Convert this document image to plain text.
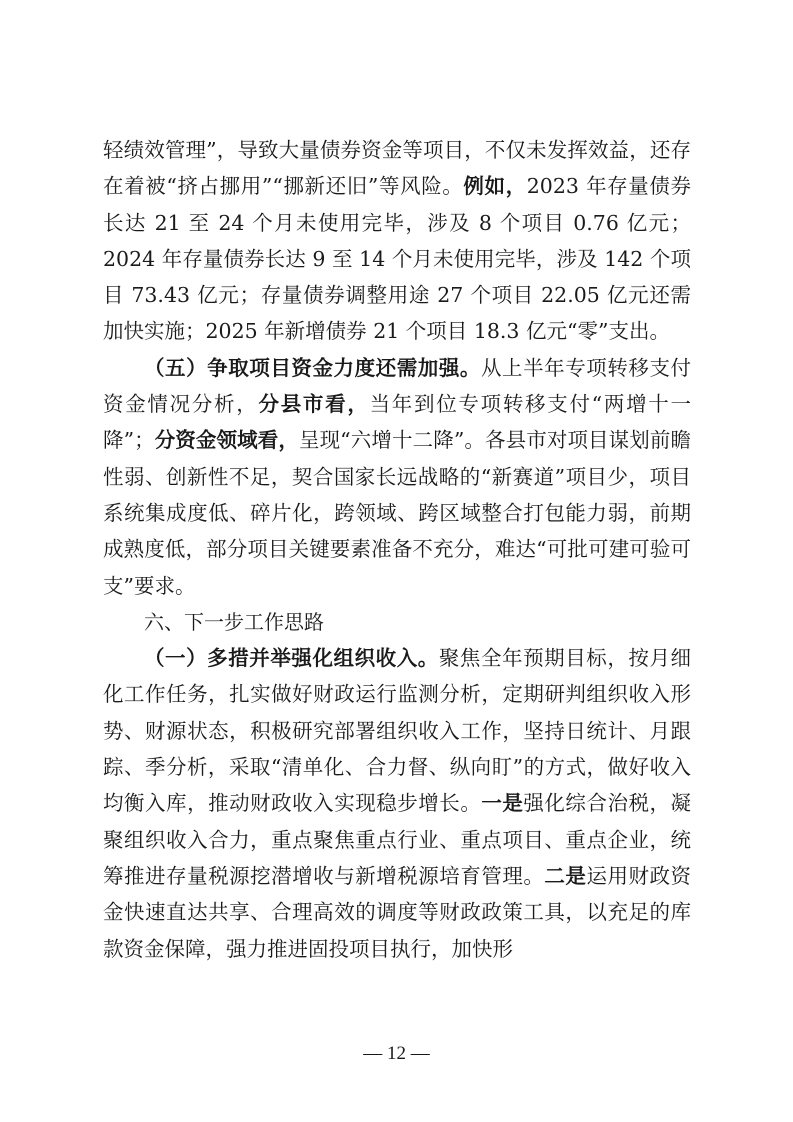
轻绩效管理”，导致大量债券资金等项目，不仅未发挥效益，还存在着被“挤占挪用”“挪新还旧”等风险。例如，2023 年存量债券长达 21 至 24 个月未使用完毕，涉及 8 个项目 0.76 亿元；2024 年存量债券长达 9 至 14 个月未使用完毕，涉及 142 个项目 73.43 亿元；存量债券调整用途 27 个项目 22.05 亿元还需加快实施；2025 年新增债券 21 个项目 18.3 亿元“零”支出。

（五）争取项目资金力度还需加强。从上半年专项转移支付资金情况分析，分县市看，当年到位专项转移支付“两增十一降”；分资金领域看，呈现“六增十二降”。各县市对项目谋划前瞻性弱、创新性不足，契合国家长远战略的“新赛道”项目少，项目系统集成度低、碎片化，跨领域、跨区域整合打包能力弱，前期成熟度低，部分项目关键要素准备不充分，难达“可批可建可验可支”要求。

六、下一步工作思路

（一）多措并举强化组织收入。聚焦全年预期目标，按月细化工作任务，扎实做好财政运行监测分析，定期研判组织收入形势、财源状态，积极研究部署组织收入工作，坚持日统计、月跟踪、季分析，采取“清单化、合力督、纵向盯”的方式，做好收入均衡入库，推动财政收入实现稳步增长。一是强化综合治税，凝聚组织收入合力，重点聚焦重点行业、重点项目、重点企业，统筹推进存量税源挖潜增收与新增税源培育管理。二是运用财政资金快速直达共享、合理高效的调度等财政政策工具，以充足的库款资金保障，强力推进固投项目执行，加快形

— 12 —
